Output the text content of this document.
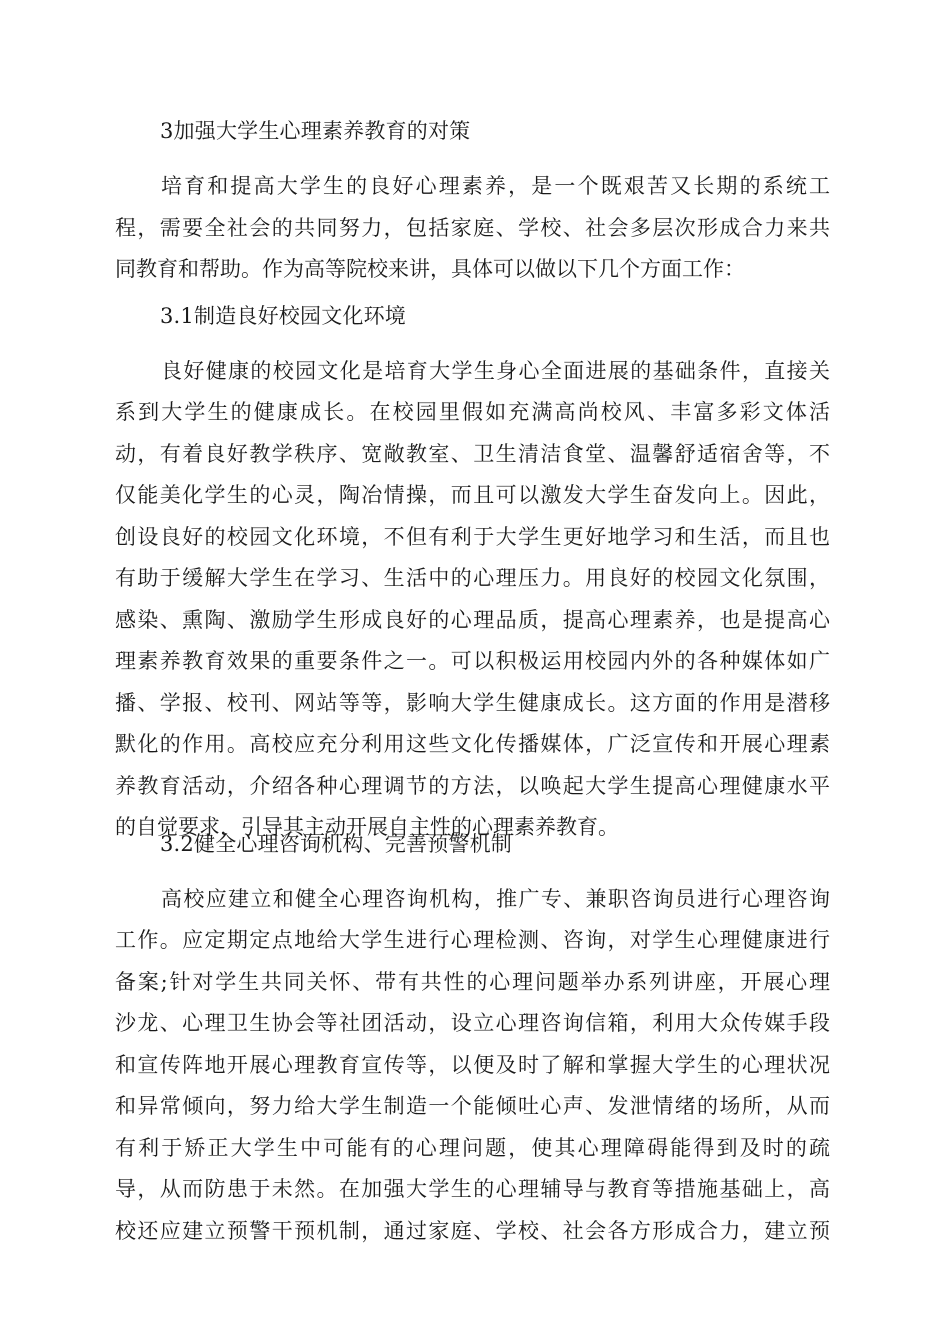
3加强大学生心理素养教育的对策
培育和提高大学生的良好心理素养，是一个既艰苦又长期的系统工
程，需要全社会的共同努力，包括家庭、学校、社会多层次形成合力来共
同教育和帮助。作为高等院校来讲，具体可以做以下几个方面工作：
3.1制造良好校园文化环境
良好健康的校园文化是培育大学生身心全面进展的基础条件，直接关
系到大学生的健康成长。在校园里假如充满高尚校风、丰富多彩文体活
动，有着良好教学秩序、宽敞教室、卫生清洁食堂、温馨舒适宿舍等，不
仅能美化学生的心灵，陶冶情操，而且可以激发大学生奋发向上。因此，
创设良好的校园文化环境，不但有利于大学生更好地学习和生活，而且也
有助于缓解大学生在学习、生活中的心理压力。用良好的校园文化氛围，
感染、熏陶、激励学生形成良好的心理品质，提高心理素养，也是提高心
理素养教育效果的重要条件之一。可以积极运用校园内外的各种媒体如广
播、学报、校刊、网站等等，影响大学生健康成长。这方面的作用是潜移
默化的作用。高校应充分利用这些文化传播媒体，广泛宣传和开展心理素
养教育活动，介绍各种心理调节的方法，以唤起大学生提高心理健康水平
的自觉要求，引导其主动开展自主性的心理素养教育。
3.2健全心理咨询机构、完善预警机制
高校应建立和健全心理咨询机构，推广专、兼职咨询员进行心理咨询
工作。应定期定点地给大学生进行心理检测、咨询，对学生心理健康进行
备案;针对学生共同关怀、带有共性的心理问题举办系列讲座，开展心理
沙龙、心理卫生协会等社团活动，设立心理咨询信箱，利用大众传媒手段
和宣传阵地开展心理教育宣传等，以便及时了解和掌握大学生的心理状况
和异常倾向，努力给大学生制造一个能倾吐心声、发泄情绪的场所，从而
有利于矫正大学生中可能有的心理问题，使其心理障碍能得到及时的疏
导，从而防患于未然。在加强大学生的心理辅导与教育等措施基础上，高
校还应建立预警干预机制，通过家庭、学校、社会各方形成合力，建立预
